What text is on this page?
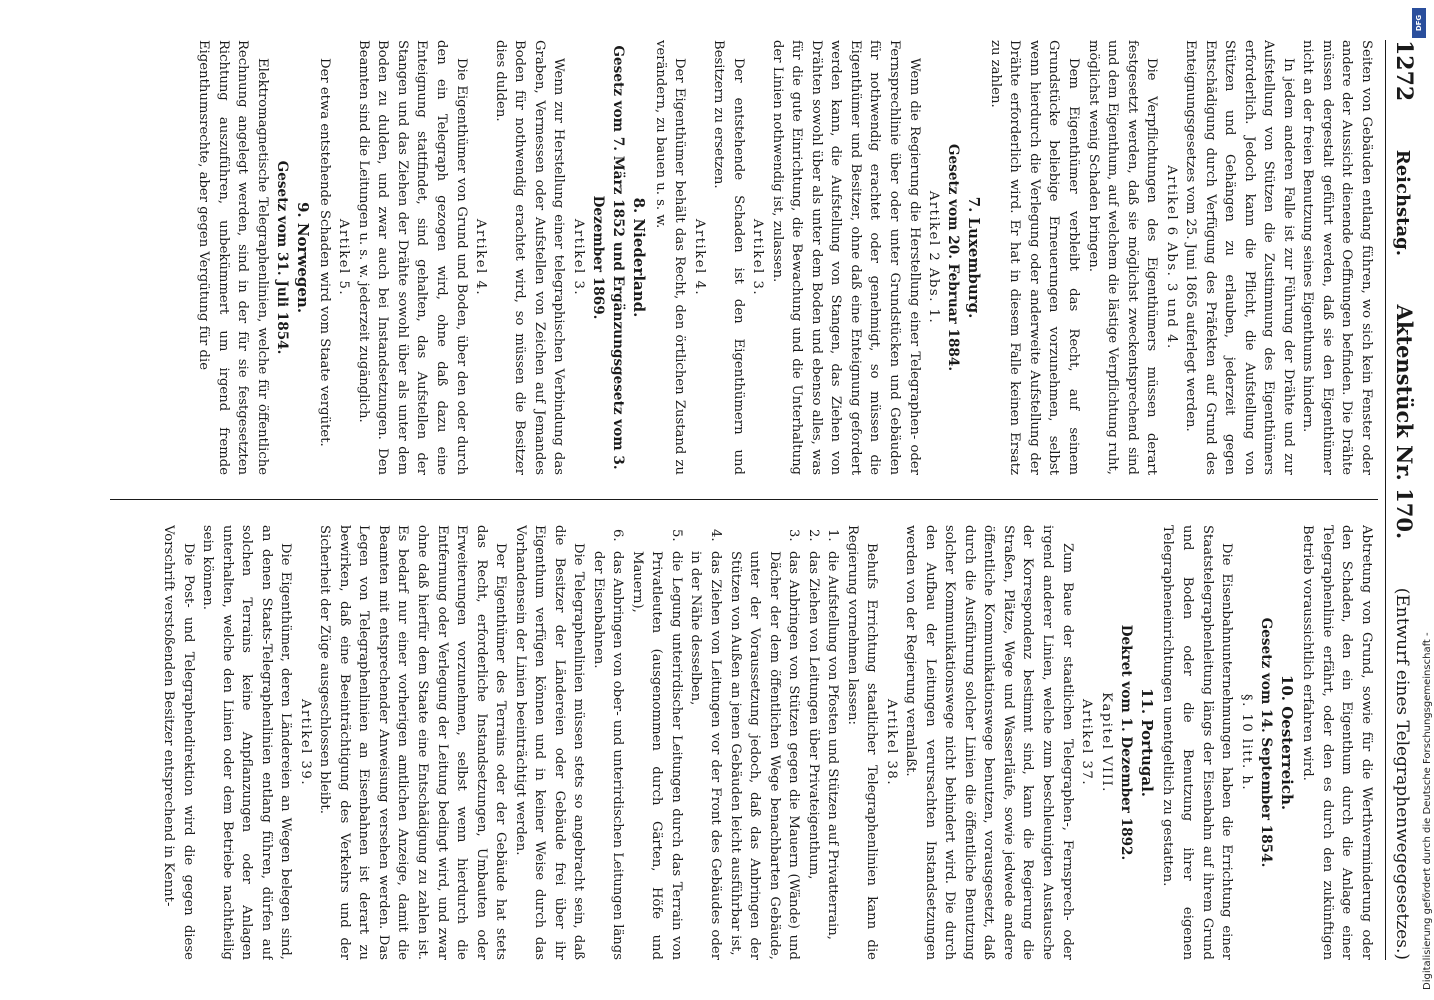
1272
Reichstag.
Aktenstück Nr. 170.
(Entwurf eines Telegraphenwegegesetzes.)

Seiten von Gebäuden entlang führen, wo sich kein Fenster oder andere der Aussicht dienende Oeffnungen befinden. Die Drähte müssen dergestalt geführt werden, daß sie den Eigenthümer nicht an der freien Benutzung seines Eigenthums hindern.

In jedem anderen Falle ist zur Führung der Drähte und zur Aufstellung von Stützen die Zustimmung des Eigenthümers erforderlich. Jedoch kann die Pflicht, die Aufstellung von Stützen und Gehängen zu erlauben, jederzeit gegen Entschädigung durch Verfügung des Präfekten auf Grund des Enteignungsgesetzes vom 25. Juni 1865 auferlegt werden.

Artikel 6 Abs. 3 und 4.

Die Verpflichtungen des Eigenthümers müssen derart festgesetzt werden, daß sie möglichst zweckentsprechend sind und dem Eigenthum, auf welchem die lästige Verpflichtung ruht, möglichst wenig Schaden bringen.

Dem Eigenthümer verbleibt das Recht, auf seinem Grundstücke beliebige Erneuerungen vorzunehmen, selbst wenn hierdurch die Verlegung oder anderweite Aufstellung der Drähte erforderlich wird. Er hat in diesem Falle keinen Ersatz zu zahlen.

7. Luxemburg.

Gesetz vom 20. Februar 1884.

Artikel 2 Abs. 1.

Wenn die Regierung die Herstellung einer Telegraphen- oder Fernsprechlinie über oder unter Grundstücken und Gebäuden für nothwendig erachtet oder genehmigt, so müssen die Eigenthümer und Besitzer, ohne daß eine Enteignung gefordert werden kann, die Aufstellung von Stangen, das Ziehen von Drähten sowohl über als unter dem Boden und ebenso alles, was für die gute Einrichtung, die Bewachung und die Unterhaltung der Linien nothwendig ist, zulassen.

Artikel 3.

Der entstehende Schaden ist den Eigenthümern und Besitzern zu ersetzen.

Artikel 4.

Der Eigenthümer behält das Recht, den örtlichen Zustand zu verändern, zu bauen u. s. w.

8. Niederland.

Gesetz vom 7. März 1852 und Ergänzungsgesetz vom 3. Dezember 1869.

Artikel 3.

Wenn zur Herstellung einer telegraphischen Verbindung das Graben, Vermessen oder Aufstellen von Zeichen auf Jemandes Boden für nothwendig erachtet wird, so müssen die Besitzer dies dulden.

Artikel 4.

Die Eigenthümer von Grund und Boden, über den oder durch den ein Telegraph gezogen wird, ohne daß dazu eine Enteignung stattfindet, sind gehalten, das Aufstellen der Stangen und das Ziehen der Drähte sowohl über als unter dem Boden zu dulden, und zwar auch bei Instandsetzungen. Den Beamten sind die Leitungen u. s. w. jederzeit zugänglich.

Artikel 5.

Der etwa entstehende Schaden wird vom Staate vergütet.

9. Norwegen.

Gesetz vom 31. Juli 1854.

Elektromagnetische Telegraphenlinien, welche für öffentliche Rechnung angelegt werden, sind in der für sie festgesetzten Richtung auszuführen, unbekümmert um irgend fremde Eigenthumsrechte, aber gegen Vergütung für die

Abtretung von Grund, sowie für die Werthverminderung oder den Schaden, den ein Eigenthum durch die Anlage einer Telegraphenlinie erfährt, oder den es durch den zukünftigen Betrieb voraussichtlich erfahren wird.

10. Oesterreich.

Gesetz vom 14. September 1854.

§. 10 litt. h.

Die Eisenbahnunternehmungen haben die Errichtung einer Staatstelegraphenleitung längs der Eisenbahn auf ihrem Grund und Boden oder die Benutzung ihrer eigenen Telegrapheneinrichtungen unentgeltlich zu gestatten.

11. Portugal.

Dekret vom 1. Dezember 1892.

Kapitel VIII.

Artikel 37.

Zum Baue der staatlichen Telegraphen-, Fernsprech- oder irgend anderer Linien, welche zum beschleunigten Austausche der Korrespondenz bestimmt sind, kann die Regierung die Straßen, Plätze, Wege und Wasserläufe, sowie jedwede andere öffentliche Kommunikationswege benutzen, vorausgesetzt, daß durch die Ausführung solcher Linien die öffentliche Benutzung solcher Kommunikationswege nicht behindert wird. Die durch den Aufbau der Leitungen verursachten Instandsetzungen werden von der Regierung veranlaßt.

Artikel 38.

Behufs Errichtung staatlicher Telegraphenlinien kann die Regierung vornehmen lassen:

1.
die Aufstellung von Pfosten und Stützen auf Privatterrain,

2.
das Ziehen von Leitungen über Privateigenthum,

3.
das Anbringen von Stützen gegen die Mauern (Wände) und Dächer der dem öffentlichen Wege benachbarten Gebäude, unter der Voraussetzung jedoch, daß das Anbringen der Stützen von Außen an jenen Gebäuden leicht ausführbar ist,

4.
das Ziehen von Leitungen vor der Front des Gebäudes oder in der Nähe desselben,

5.
die Legung unterirdischer Leitungen durch das Terrain von Privatleuten (ausgenommen durch Gärten, Höfe und Mauern),

6.
das Anbringen von ober- und unterirdischen Leitungen längs der Eisenbahnen.

Die Telegraphenlinien müssen stets so angebracht sein, daß die Besitzer der Ländereien oder Gebäude frei über ihr Eigenthum verfügen können und in keiner Weise durch das Vorhandensein der Linien beeinträchtigt werden.

Der Eigenthümer des Terrains oder der Gebäude hat stets das Recht, erforderliche Instandsetzungen, Umbauten oder Erweiterungen vorzunehmen, selbst wenn hierdurch die Entfernung oder Verlegung der Leitung bedingt wird, und zwar ohne daß hierfür dem Staate eine Entschädigung zu zahlen ist. Es bedarf nur einer vorherigen amtlichen Anzeige, damit die Beamten mit entsprechender Anweisung versehen werden. Das Legen von Telegraphenlinien an Eisenbahnen ist derart zu bewirken, daß eine Beeinträchtigung des Verkehrs und der Sicherheit der Züge ausgeschlossen bleibt.

Artikel 39.

Die Eigenthümer, deren Ländereien an Wegen belegen sind, an denen Staats-Telegraphenlinien entlang führen, dürfen auf solchen Terrains keine Anpflanzungen oder Anlagen unterhalten, welche den Linien oder dem Betriebe nachtheilig sein können.

Die Post- und Telegraphendirektion wird die gegen diese Vorschrift verstoßenden Besitzer entsprechend in Kennt-

DFG
Digitalisierung gefördert durch die Deutsche Forschungsgemeinschaft -
